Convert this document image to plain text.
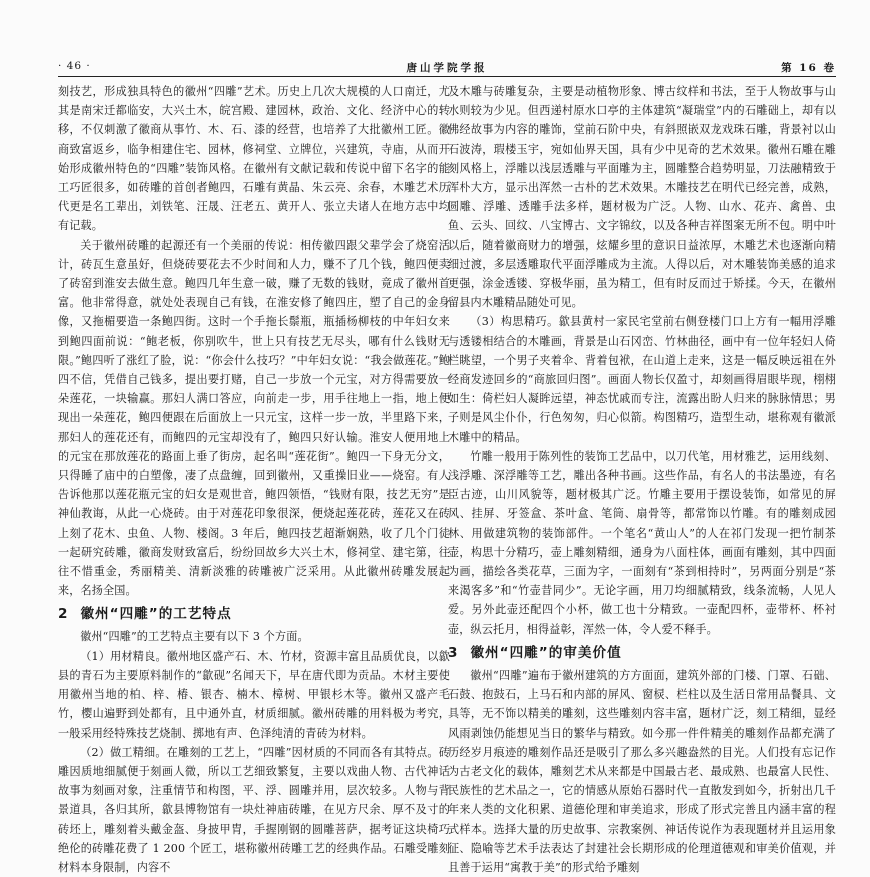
· 46 ·	唐山学院学报	第 16 卷

刻技艺，形成独具特色的徽州“四雕”艺术。历史上几次大规模的人口南迁，尤其是南宋迁都临安，大兴土木，皖宫殿、建园林，政治、文化、经济中心的转移，不仅刺激了徽商从事竹、木、石、漆的经营，也培养了大批徽州工匠。徽商致富返乡，临争相建住宅、园林，修祠堂、立牌位，兴建筑，寺庙，从而开始形成徽州特色的“四雕”装饰风格。在徽州有文献记载和传说中留下名字的能工巧匠很多，如砖雕的首创者鲍四，石雕有黄晶、朱云亮、余春，木雕艺术历代更是名工辈出，刘铁笔、汪晟、汪老五、黄开人、张立夫诸人在地方志中均有记载。

关于徽州砖雕的起源还有一个美丽的传说：相传徽四跟父辈学会了烧窑活计，砖瓦生意虽好，但烧砖要花去不少时间和人力，赚不了几个钱，鲍四便卖了砖窑到淮安去做生意。鲍四几年生意一破，赚了无数的钱财，竟成了徽州首富。他非常得意，就处处表现自己有钱，在淮安修了鲍四庄，塑了自己的金身像，又拖楣要造一条鲍四街。这时一个手拖长鬃瓶，瓶插杨柳枝的中年妇女来到鲍四面前说：“鲍老板，你别吹牛，世上只有技艺无尽头，哪有什么钱财无限。”鲍四听了涨红了脸，说：“你会什么技巧？”中年妇女说：“我会做莲花。”鲍四不信，凭借自己钱多，提出要打赌，自己一步放一个元宝，对方得需要放一朵莲花，一块输赢。那妇人满口答应，向前走一步，用手往地上一指，地上便现出一朵莲花，鲍四便跟在后面放上一只元宝，这样一步一放，半里路下来，那妇人的莲花还有，而鲍四的元宝却没有了，鲍四只好认输。淮安人便用地上的元宝在那放莲花的路面上垂了街房，起名叫“莲花街”。鲍四一下身无分文，只得睡了庙中的白塑像，凄了点盘缠，回到徽州，又重操旧业——烧窑。有人告诉他那以莲花瓶元宝的妇女是观世音，鲍四领悟，“钱财有限，技艺无穷”是神仙教诲，从此一心烧砖。由于对莲花印象很深，便烧起莲花砖，莲花又在砖上刻了花木、虫鱼、人物、楼阁。3 年后，鲍四技艺超渐娴熟，收了几个门徒一起研究砖雕，徽商发财致富后，纷纷回故乡大兴土木，修祠堂、建宅第，往往不惜重金，秀丽精美、清新淡雅的砖雕被广泛采用。从此徽州砖雕发展起来，名扬全国。

2 徽州“四雕”的工艺特点

徽州“四雕”的工艺特点主要有以下 3 个方面。

（1）用材精良。徽州地区盛产石、木、竹材，资源丰富且品质优良，以歙县的青石为主要原料制作的“歙砚”名闻天下，早在唐代即为贡品。木材主要使用徽州当地的柏、梓、椿、银杏、楠木、樟树、甲银杉木等。徽州又盛产毛竹，樱山遍野到处都有，且中通外直，材质细腻。徽州砖雕的用料极为考究，一般采用经特殊技艺烧制、掷地有声、色泽纯清的青砖为材料。

（2）做工精细。在雕刻的工艺上，“四雕”因材质的不同而各有其特点。砖雕因质地细腻便于刻画人微，所以工艺细致繁复，主要以戏曲人物、古代神话故事为刻画对象，注重情节和构图，平、浮、圆雕并用，层次较多。人物与背景道具，各归其所，歙县博物馆有一块灶神庙砖雕，在见方尺余、厚不及寸的砖坯上，雕刻着头戴金盔、身披甲胄，手握刚钢的圆雕菩萨，据考证这块椅巧绝伦的砖雕花费了 1 200 个匠工，堪称徽州砖雕工艺的经典作品。石雕受雕刻材料本身限制，内容不

及木雕与砖雕复杂，主要是动植物形象、博古纹样和书法，至于人物故事与山水则较为少见。但西递村原水口亭的主体建筑“凝瑞堂”内的石雕础上，却有以佛经故事为内容的雕饰，堂前石阶中央，有斜照嵌双龙戏珠石雕，背景衬以山石波涛，瑕楼玉宇，宛如仙界天国，具有少中见奇的艺术效果。徽州石雕在雕刻风格上，浮雕以浅层透雕与平面雕为主，圆雕整合趋势明显，刀法融精致于浑朴大方，显示出浑然一古朴的艺术效果。木雕技艺在明代已经完善，成熟，圆雕、浮雕、透雕手法多样，题材极为广泛。人物、山水、花卉、禽兽、虫鱼、云头、回纹、八宝博古、文字锦纹，以及各种吉祥图案无所不包。明中叶以后，随着徽商财力的增强，炫耀乡里的意识日益浓厚，木雕艺术也逐渐向精细过渡，多层透雕取代平面浮雕成为主流。人得以后，对木雕装饰美感的追求更强，涂金透镂、穿极华丽，虽为精工，但有时反而过于矫揉。今天，在徽州留县内木雕精品随处可见。

（3）构思精巧。歙县黄村一家民宅堂前右侧登楼门口上方有一幅用浮雕与透镂相结合的木雕画，背景是山石冈峦、竹林曲径，画中有一位年轻妇人倚栏眺望，一个男子夹着伞、背着包袱，在山道上走来，这是一幅反映远祖在外经商发迹回乡的“商旅回归图”。画面人物长仅盈寸，却刻画得眉眼毕现，栩栩如生：倚栏妇人凝眸远望，神态忧戚而专注，流露出盼人归来的脉脉情思；男子则是风尘仆仆，行色匆匆，归心似箭。构图精巧，造型生动，堪称观有徽派木雕中的精品。

竹雕一般用于陈列性的装饰工艺品中，以刀代笔，用材雅艺，运用线刻、浅浮雕、深浮雕等工艺，雕出各种书画。这些作品，有名人的书法墨迹，有名臣古迹，山川风貌等，题材极其广泛。竹雕主要用于摆设装饰，如常见的屏风、挂屏、牙签盒、茶叶盒、笔筒、扇骨等，都常饰以竹雕。有的雕刻成园林、用做建筑物的装饰部件。一个笔名“黄山人”的人在祁门发现一把竹制茶壶，构思十分精巧，壶上雕刻精细，通身为八面柱体，画面有雕刻，其中四面为画，描绘各类花草，三面为字，一面刻有“茶到相持时”，另两面分别是“茶来渴客多”和“竹壶昔同少”。无论字画，用刀均细腻精致，线条流畅，人见人爱。另外此壶还配四个小杯，做工也十分精致。一壶配四杯，壶带杯、杯衬壶，纵云托月，相得益彰，浑然一体，令人爱不释手。

3 徽州“四雕”的审美价值

徽州“四雕”遍布于徽州建筑的方方面面，建筑外部的门楼、门罩、石础、石鼓、抱鼓石，上马石和内部的屏风、窗棂、栏柱以及生活日常用品餐具、文具等，无不饰以精美的雕刻，这些雕刻内容丰富，题材广泛，刻工精细，显经风雨剥蚀仍能想见当日的繁华与精致。如今那一件件精美的雕刻作品都充满了历经岁月痕迹的雕刻作品还是吸引了那么多兴趣盎然的目光。人们投有忘记作为古老文化的载体，雕刻艺术从来都是中国最古老、最成熟、也最富人民性、民族性的艺术品之一，它的情感从原始石器时代一直散发到如今，折射出几千年来人类的文化积累、道德伦理和审美追求，形成了形式完善且内涵丰富的程式样本。选择大量的历史故事、宗教案例、神话传说作为表现题材并且运用象征、隐喻等艺术手法表达了封建社会长期形成的伦理道德观和审美价值观，并且善于运用“寓教于美”的形式给予雕刻
